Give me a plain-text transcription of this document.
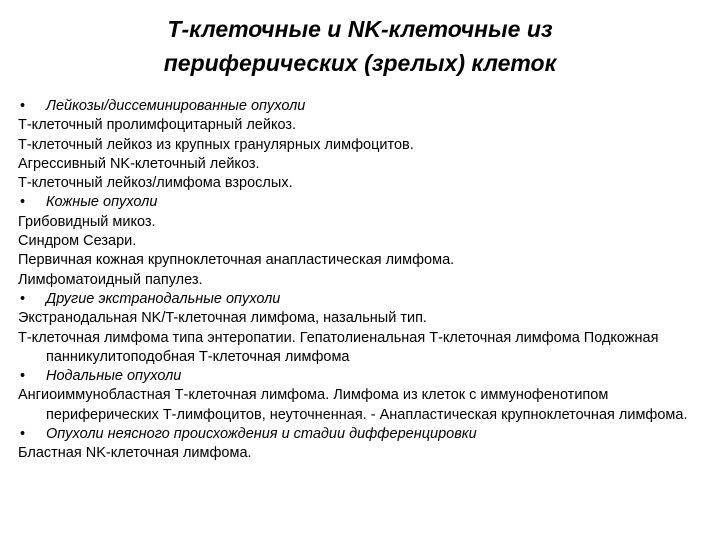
Т-клеточные и NK-клеточные из
периферических (зрелых) клеток
• Лейкозы/диссеминированные опухоли
Т-клеточный пролимфоцитарный лейкоз.
Т-клеточный лейкоз из крупных гранулярных лимфоцитов.
Агрессивный NK-клеточный лейкоз.
Т-клеточный лейкоз/лимфома взрослых.
• Кожные опухоли
Грибовидный микоз.
Синдром Сезари.
Первичная кожная крупноклеточная анапластическая лимфома.
Лимфоматоидный папулез.
• Другие экстранодальные опухоли
Экстранодальная NK/T-клеточная лимфома, назальный тип.
Т-клеточная лимфома типа энтеропатии. Гепатолиенальная Т-клеточная лимфома Подкожная панникулитоподобная Т-клеточная лимфома
• Нодальные опухоли
Ангиоиммунобластная Т-клеточная лимфома. Лимфома из клеток с иммунофенотипом периферических Т-лимфоцитов, неуточненная. - Анапластическая крупноклеточная лимфома.
• Опухоли неясного происхождения и стадии дифференцировки
Бластная NK-клеточная лимфома.
